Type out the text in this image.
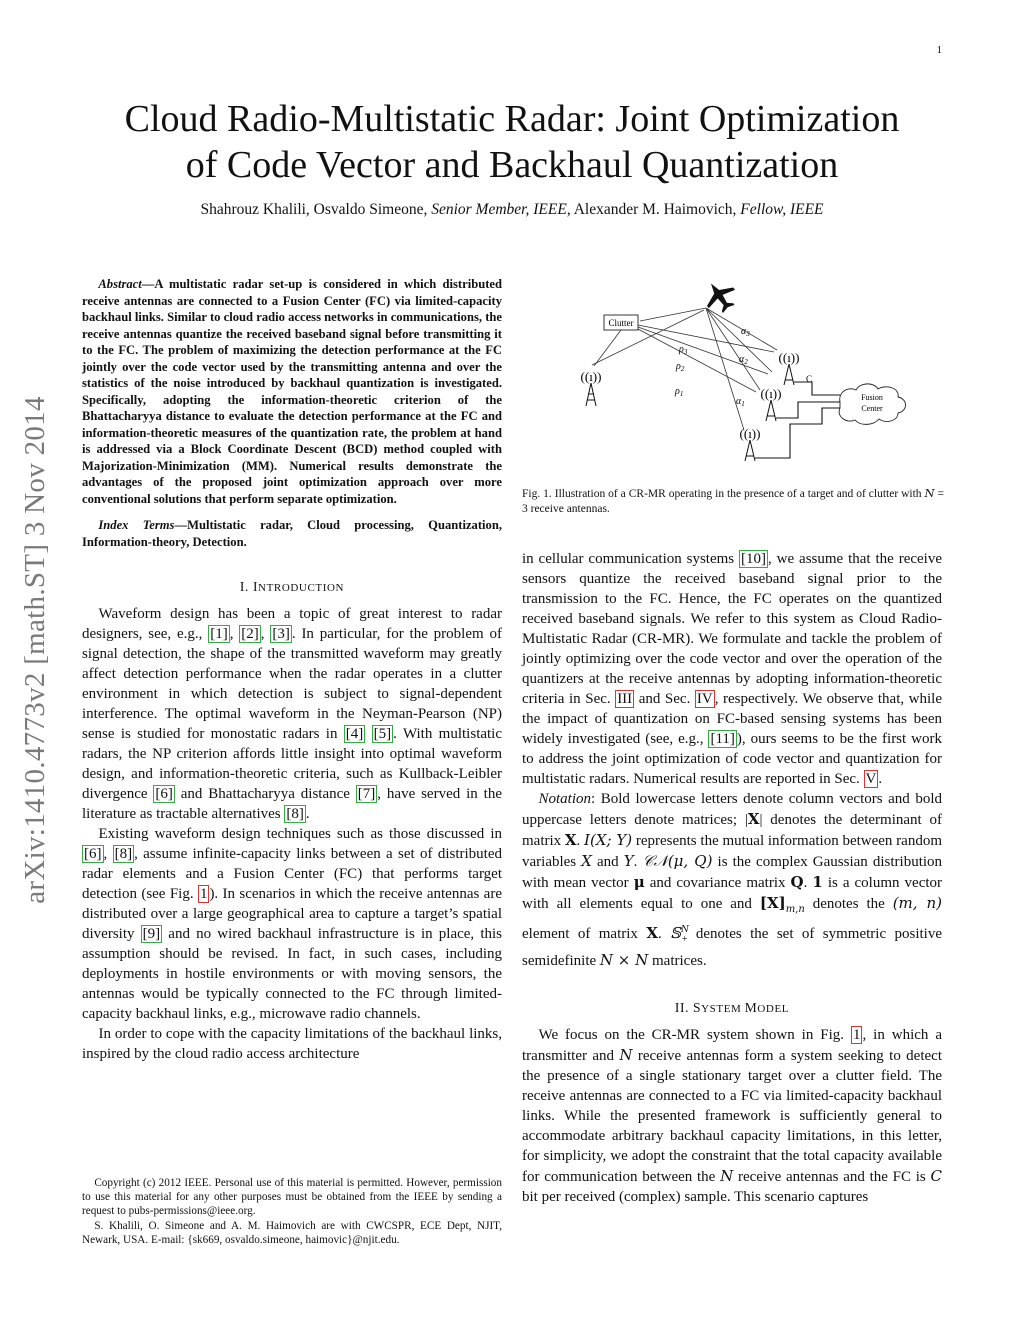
1
arXiv:1410.4773v2 [math.ST] 3 Nov 2014
Cloud Radio-Multistatic Radar: Joint Optimization
of Code Vector and Backhaul Quantization
Shahrouz Khalili, Osvaldo Simeone, Senior Member, IEEE, Alexander M. Haimovich, Fellow, IEEE

Abstract—A multistatic radar set-up is considered in which distributed receive antennas are connected to a Fusion Center (FC) via limited-capacity backhaul links. Similar to cloud radio access networks in communications, the receive antennas quantize the received baseband signal before transmitting it to the FC. The problem of maximizing the detection performance at the FC jointly over the code vector used by the transmitting antenna and over the statistics of the noise introduced by backhaul quantization is investigated. Specifically, adopting the information-theoretic criterion of the Bhattacharyya distance to evaluate the detection performance at the FC and information-theoretic measures of the quantization rate, the problem at hand is addressed via a Block Coordinate Descent (BCD) method coupled with Majorization-Minimization (MM). Numerical results demonstrate the advantages of the proposed joint optimization approach over more conventional solutions that perform separate optimization.

Index Terms—Multistatic radar, Cloud processing, Quantization, Information-theory, Detection.

I. INTRODUCTION

Waveform design has been a topic of great interest to radar designers, see, e.g., [1] , [2] , [3] . In particular, for the problem of signal detection, the shape of the transmitted waveform may greatly affect detection performance when the radar operates in a clutter environment in which detection is subject to signal-dependent interference. The optimal waveform in the Neyman-Pearson (NP) sense is studied for monostatic radars in [4] [5] . With multistatic radars, the NP criterion affords little insight into optimal waveform design, and information-theoretic criteria, such as Kullback-Leibler divergence [6] and Bhattacharyya distance [7] , have served in the literature as tractable alternatives [8] .

Existing waveform design techniques such as those discussed in [6] , [8] , assume infinite-capacity links between a set of distributed radar elements and a Fusion Center (FC) that performs target detection (see Fig. 1 ). In scenarios in which the receive antennas are distributed over a large geographical area to capture a target’s spatial diversity [9] and no wired backhaul infrastructure is in place, this assumption should be revised. In fact, in such cases, including deployments in hostile environments or with moving sensors, the antennas would be typically connected to the FC through limited-capacity backhaul links, e.g., microwave radio channels.

In order to cope with the capacity limitations of the backhaul links, inspired by the cloud radio access architecture

Copyright (c) 2012 IEEE. Personal use of this material is permitted. However, permission to use this material for any other purposes must be obtained from the IEEE by sending a request to pubs-permissions@ieee.org.

S. Khalili, O. Simeone and A. M. Haimovich are with CWCSPR, ECE Dept, NJIT, Newark, USA. E-mail: {sk669, osvaldo.simeone, haimovic}@njit.edu.

Clutter
((ı))
((ı))
((ı))
((ı))
C
Fusion
Center
$\alpha_3$
$\alpha_2$
$\alpha_1$
$\rho_3$
$\rho_2$
$\rho_1$

Fig. 1. Illustration of a CR-MR operating in the presence of a target and of clutter with N = 3 receive antennas.

in cellular communication systems [10] , we assume that the receive sensors quantize the received baseband signal prior to the transmission to the FC. Hence, the FC operates on the quantized received baseband signals. We refer to this system as Cloud Radio-Multistatic Radar (CR-MR). We formulate and tackle the problem of jointly optimizing over the code vector and over the operation of the quantizers at the receive antennas by adopting information-theoretic criteria in Sec. III and Sec. IV , respectively. We observe that, while the impact of quantization on FC-based sensing systems has been widely investigated (see, e.g., [11] ), ours seems to be the first work to address the joint optimization of code vector and quantization for multistatic radars. Numerical results are reported in Sec. V .

Notation: Bold lowercase letters denote column vectors and bold uppercase letters denote matrices; |X| denotes the determinant of matrix X. I(X; Y) represents the mutual information between random variables X and Y. 𝒞𝒩(μ, Q) is the complex Gaussian distribution with mean vector μ and covariance matrix Q. 1 is a column vector with all elements equal to one and $[X]_{m,n}$ denotes the (m, n) element of matrix X. 𝕊$^N_+$ denotes the set of symmetric positive semidefinite N × N matrices.

II. SYSTEM MODEL

We focus on the CR-MR system shown in Fig. 1 , in which a transmitter and N receive antennas form a system seeking to detect the presence of a single stationary target over a clutter field. The receive antennas are connected to a FC via limited-capacity backhaul links. While the presented framework is sufficiently general to accommodate arbitrary backhaul capacity limitations, in this letter, for simplicity, we adopt the constraint that the total capacity available for communication between the N receive antennas and the FC is C bit per received (complex) sample. This scenario captures
